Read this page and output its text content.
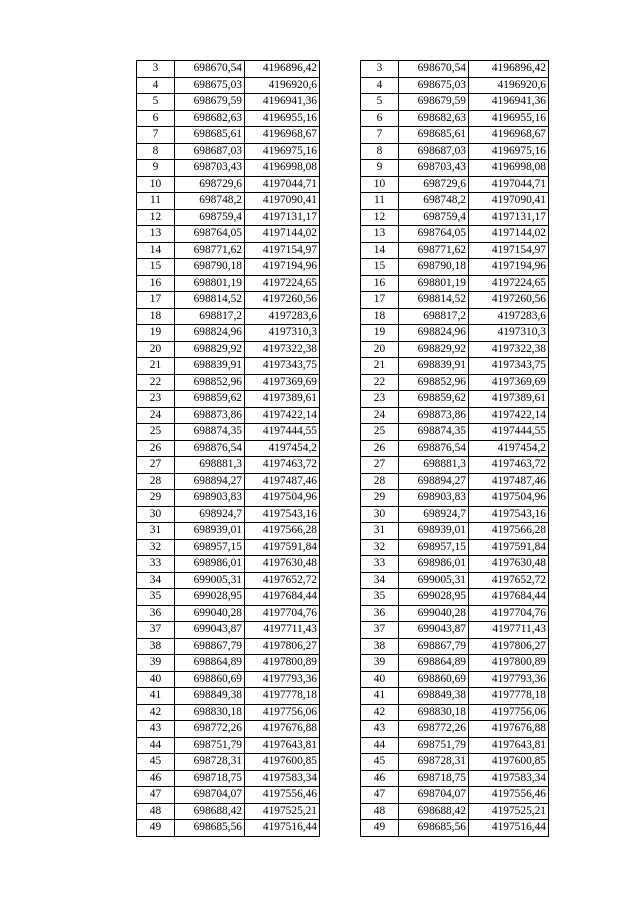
3	698670,54	4196896,42
4	698675,03	4196920,6
5	698679,59	4196941,36
6	698682,63	4196955,16
7	698685,61	4196968,67
8	698687,03	4196975,16
9	698703,43	4196998,08
10	698729,6	4197044,71
11	698748,2	4197090,41
12	698759,4	4197131,17
13	698764,05	4197144,02
14	698771,62	4197154,97
15	698790,18	4197194,96
16	698801,19	4197224,65
17	698814,52	4197260,56
18	698817,2	4197283,6
19	698824,96	4197310,3
20	698829,92	4197322,38
21	698839,91	4197343,75
22	698852,96	4197369,69
23	698859,62	4197389,61
24	698873,86	4197422,14
25	698874,35	4197444,55
26	698876,54	4197454,2
27	698881,3	4197463,72
28	698894,27	4197487,46
29	698903,83	4197504,96
30	698924,7	4197543,16
31	698939,01	4197566,28
32	698957,15	4197591,84
33	698986,01	4197630,48
34	699005,31	4197652,72
35	699028,95	4197684,44
36	699040,28	4197704,76
37	699043,87	4197711,43
38	698867,79	4197806,27
39	698864,89	4197800,89
40	698860,69	4197793,36
41	698849,38	4197778,18
42	698830,18	4197756,06
43	698772,26	4197676,88
44	698751,79	4197643,81
45	698728,31	4197600,85
46	698718,75	4197583,34
47	698704,07	4197556,46
48	698688,42	4197525,21
49	698685,56	4197516,44
3	698670,54	4196896,42
4	698675,03	4196920,6
5	698679,59	4196941,36
6	698682,63	4196955,16
7	698685,61	4196968,67
8	698687,03	4196975,16
9	698703,43	4196998,08
10	698729,6	4197044,71
11	698748,2	4197090,41
12	698759,4	4197131,17
13	698764,05	4197144,02
14	698771,62	4197154,97
15	698790,18	4197194,96
16	698801,19	4197224,65
17	698814,52	4197260,56
18	698817,2	4197283,6
19	698824,96	4197310,3
20	698829,92	4197322,38
21	698839,91	4197343,75
22	698852,96	4197369,69
23	698859,62	4197389,61
24	698873,86	4197422,14
25	698874,35	4197444,55
26	698876,54	4197454,2
27	698881,3	4197463,72
28	698894,27	4197487,46
29	698903,83	4197504,96
30	698924,7	4197543,16
31	698939,01	4197566,28
32	698957,15	4197591,84
33	698986,01	4197630,48
34	699005,31	4197652,72
35	699028,95	4197684,44
36	699040,28	4197704,76
37	699043,87	4197711,43
38	698867,79	4197806,27
39	698864,89	4197800,89
40	698860,69	4197793,36
41	698849,38	4197778,18
42	698830,18	4197756,06
43	698772,26	4197676,88
44	698751,79	4197643,81
45	698728,31	4197600,85
46	698718,75	4197583,34
47	698704,07	4197556,46
48	698688,42	4197525,21
49	698685,56	4197516,44
